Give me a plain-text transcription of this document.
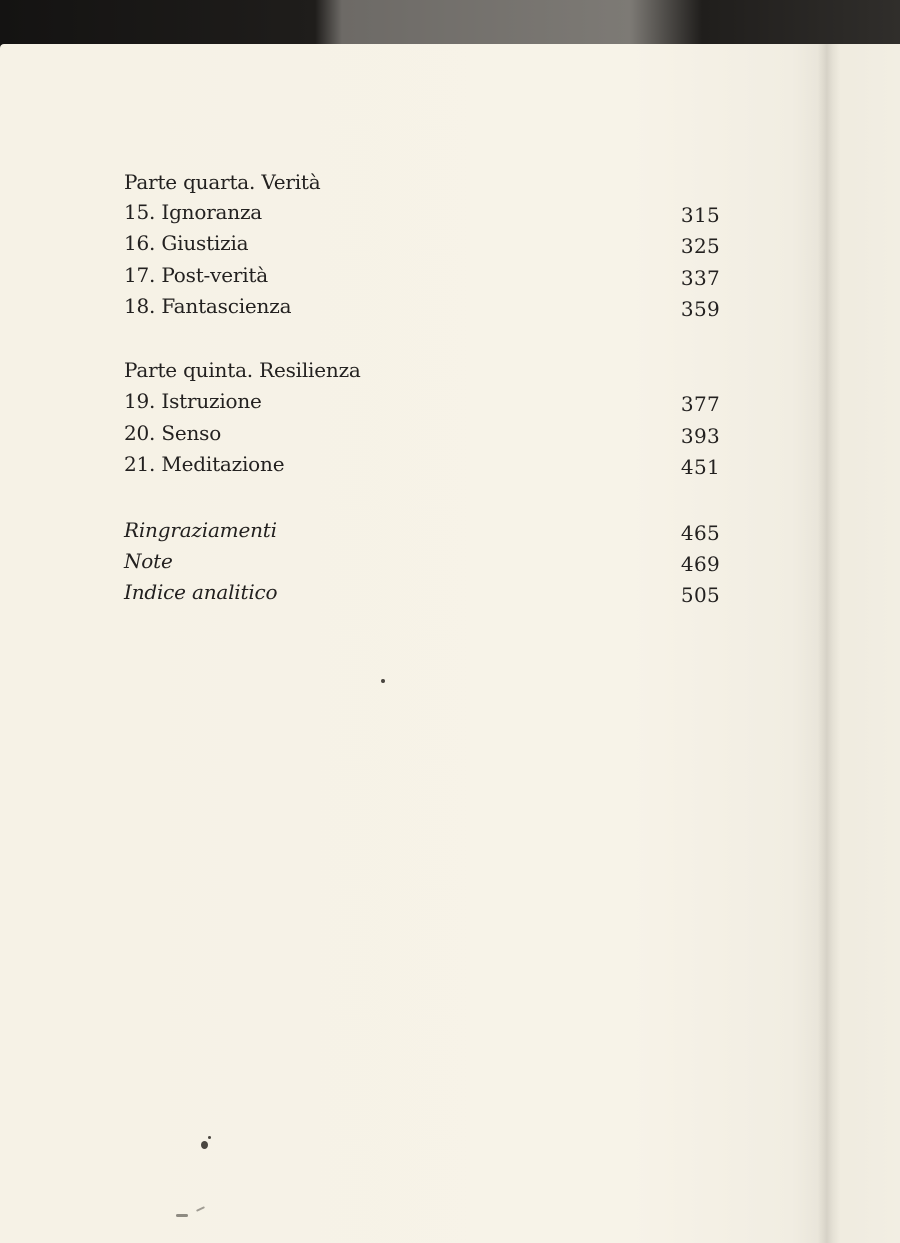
Parte quarta. Verità
15. Ignoranza	315
16. Giustizia	325
17. Post-verità	337
18. Fantascienza	359
Parte quinta. Resilienza
19. Istruzione	377
20. Senso	393
21. Meditazione	451
Ringraziamenti	465
Note	469
Indice analitico	505
